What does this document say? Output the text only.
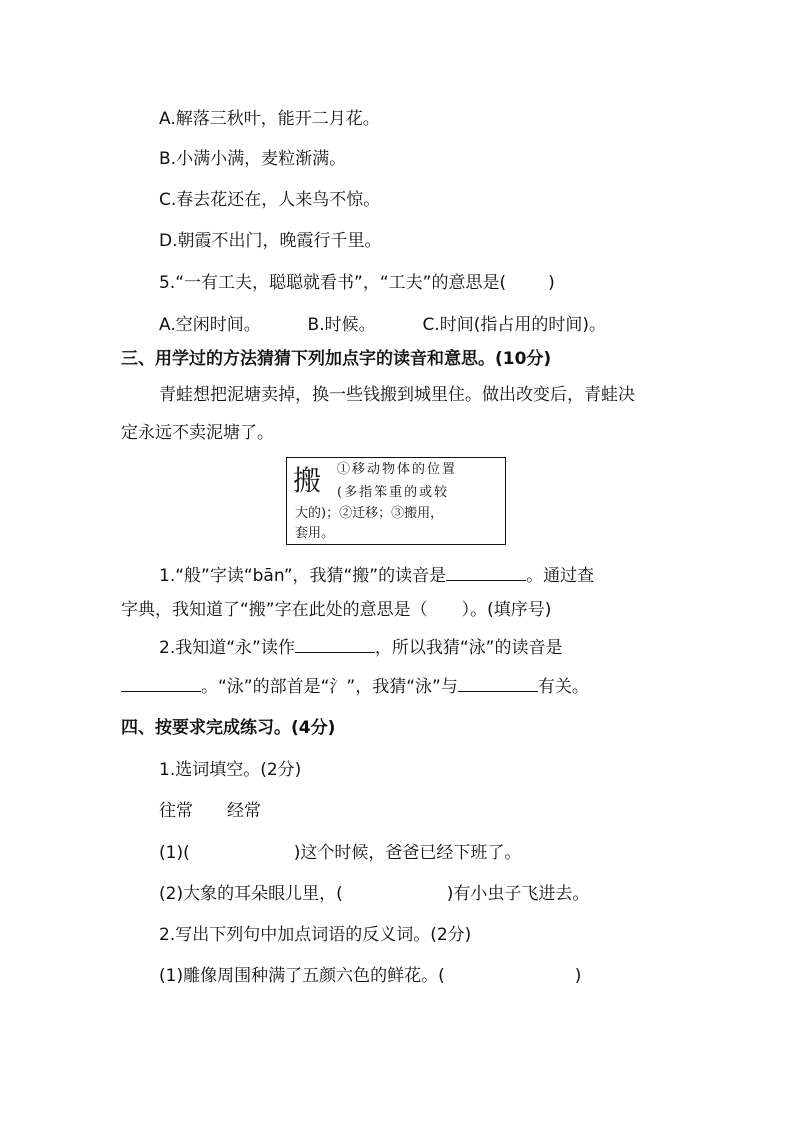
A.解落三秋叶，能开二月花。
B.小满小满，麦粒渐满。
C.春去花还在，人来鸟不惊。
D.朝霞不出门，晚霞行千里。
5.“一有工夫，聪聪就看书”，“工夫”的意思是( )
A.空闲时间。	B.时候。	C.时间(指占用的时间)。
三、用学过的方法猜猜下列加点字的读音和意思。(10分)
青蛙想把泥塘卖掉，换一些钱搬到城里住。做出改变后，青蛙决
定永远不卖泥塘了。
搬 ①移动物体的位置
(多指笨重的或较
大的)；②迁移；③搬用，
套用。
1.“般”字读“bān”，我猜“搬”的读音是	。通过查
字典，我知道了“搬”字在此处的意思是（　　）。(填序号)
2.我知道“永”读作	，所以我猜“泳”的读音是
。“泳”的部首是“氵”，我猜“泳”与	有关。
四、按要求完成练习。(4分)
1.选词填空。(2分)
往常　　经常
(1)(	)这个时候，爸爸已经下班了。
(2)大象的耳朵眼儿里，(	)有小虫子飞进去。
2.写出下列句中加点词语的反义词。(2分)
(1)雕像周围种满了五颜六色的鲜花。(	)
